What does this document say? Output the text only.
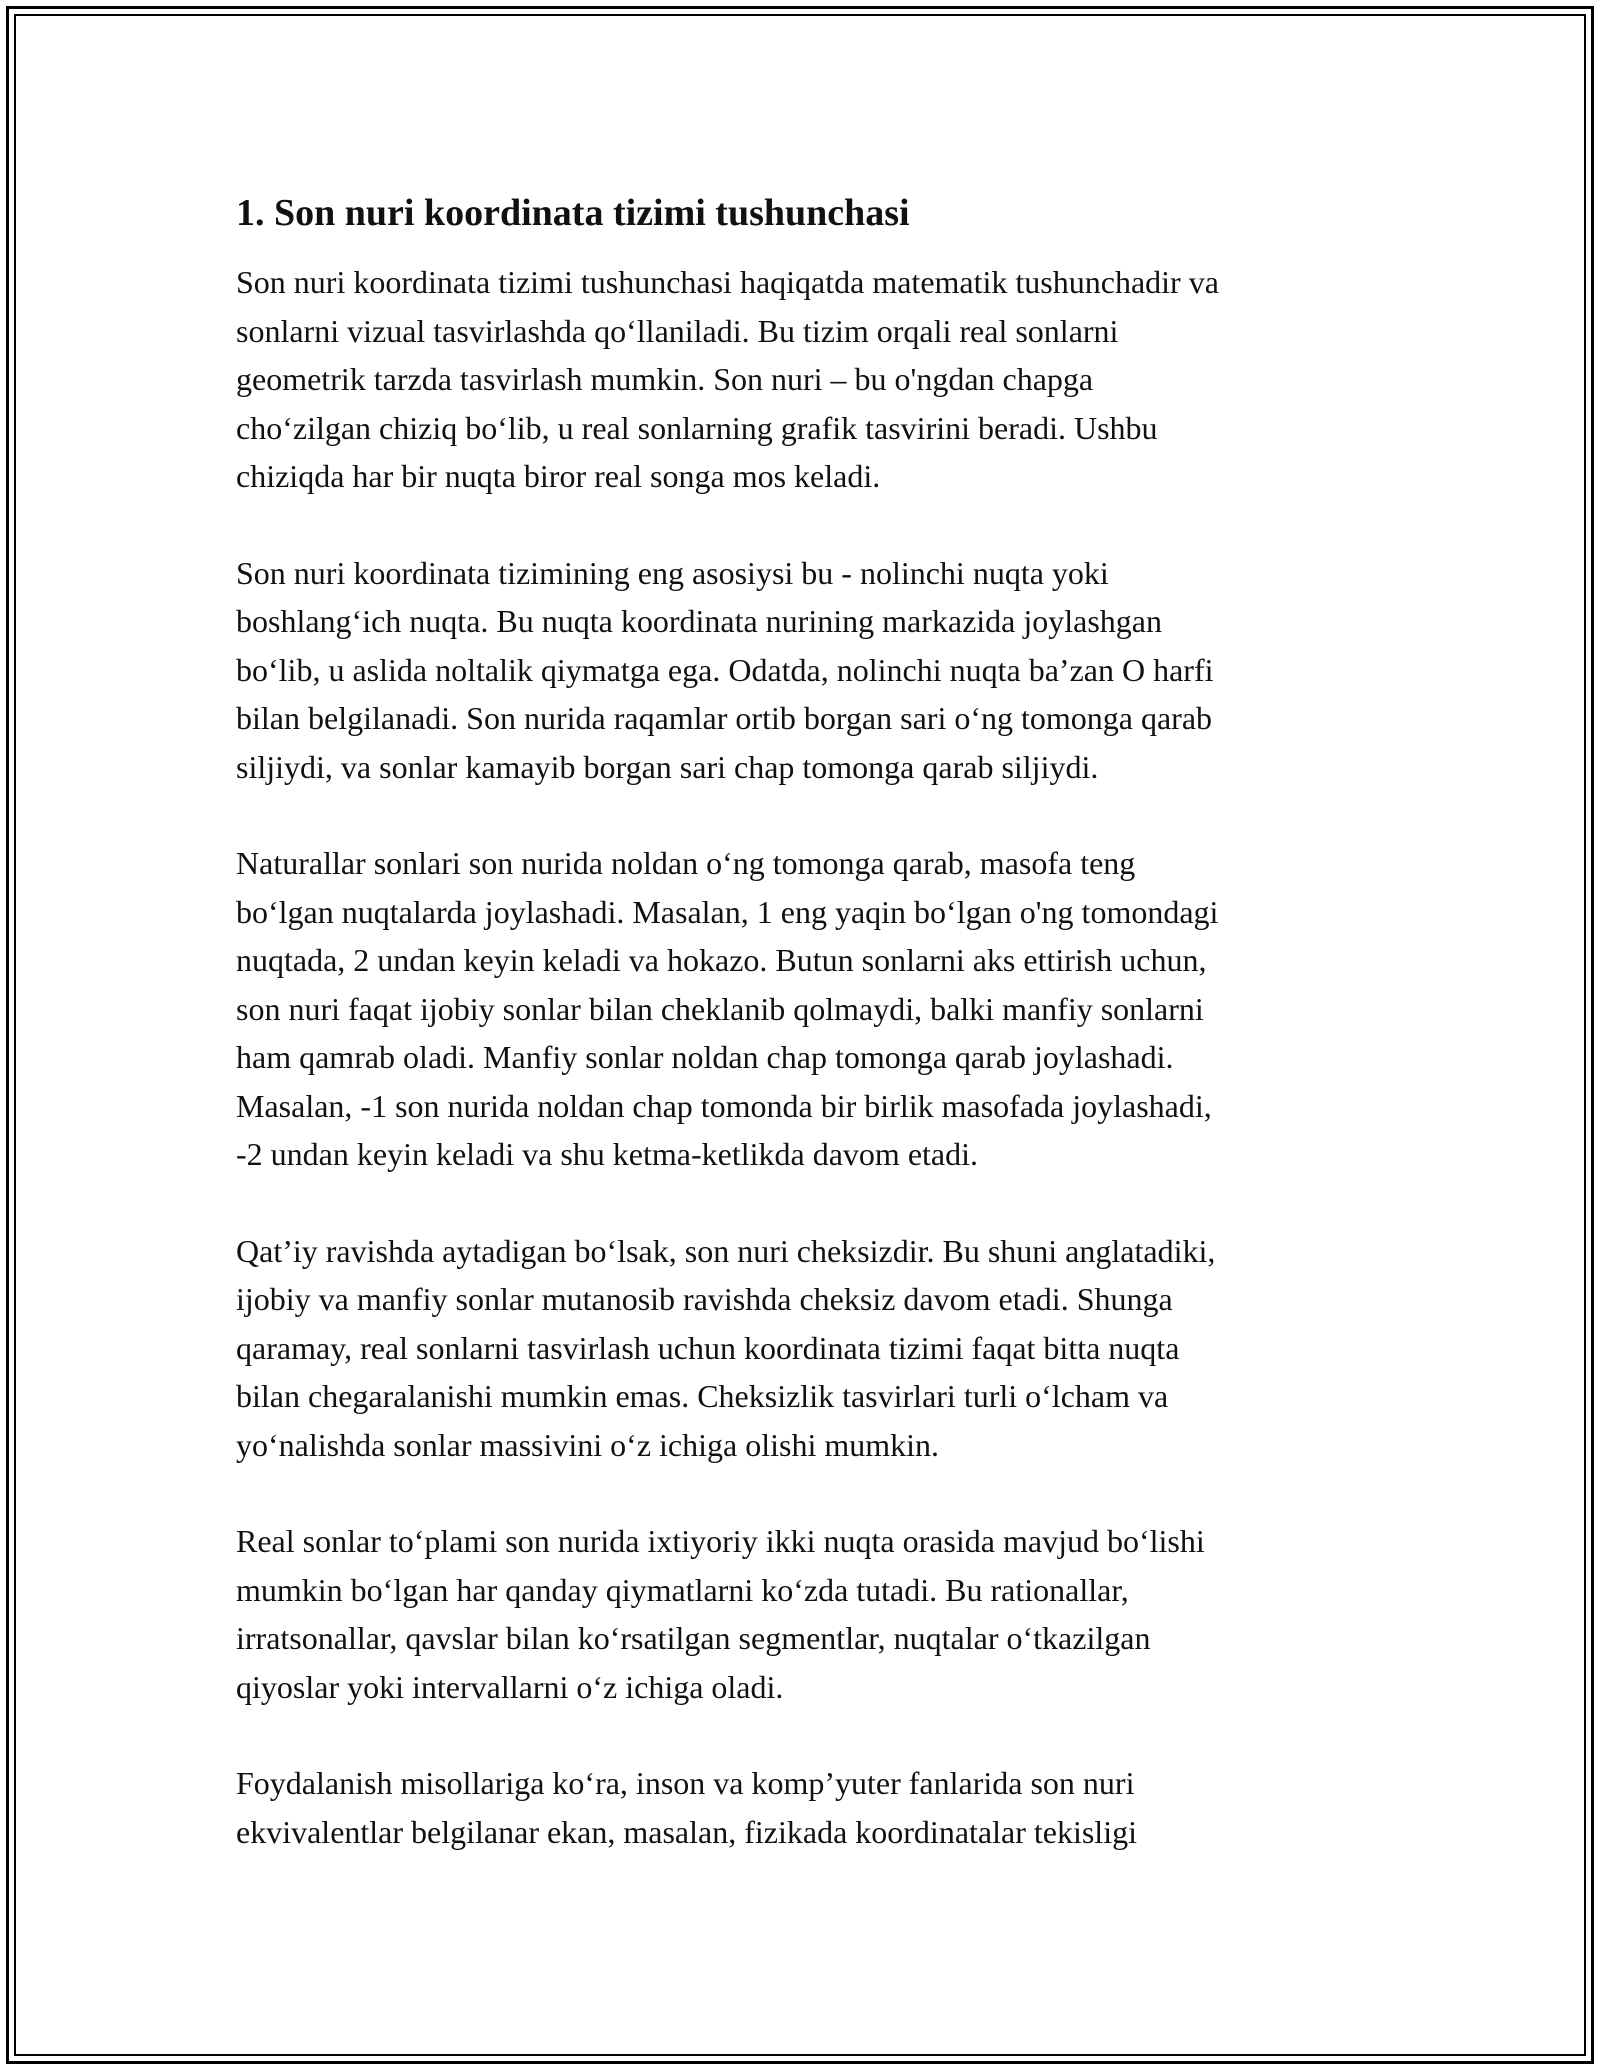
1. Son nuri koordinata tizimi tushunchasi

Son nuri koordinata tizimi tushunchasi haqiqatda matematik tushunchadir va
sonlarni vizual tasvirlashda qo‘llaniladi. Bu tizim orqali real sonlarni
geometrik tarzda tasvirlash mumkin. Son nuri – bu o'ngdan chapga
cho‘zilgan chiziq bo‘lib, u real sonlarning grafik tasvirini beradi. Ushbu
chiziqda har bir nuqta biror real songa mos keladi.

Son nuri koordinata tizimining eng asosiysi bu - nolinchi nuqta yoki
boshlang‘ich nuqta. Bu nuqta koordinata nurining markazida joylashgan
bo‘lib, u aslida noltalik qiymatga ega. Odatda, nolinchi nuqta ba’zan O harfi
bilan belgilanadi. Son nurida raqamlar ortib borgan sari o‘ng tomonga qarab
siljiydi, va sonlar kamayib borgan sari chap tomonga qarab siljiydi.

Naturallar sonlari son nurida noldan o‘ng tomonga qarab, masofa teng
bo‘lgan nuqtalarda joylashadi. Masalan, 1 eng yaqin bo‘lgan o'ng tomondagi
nuqtada, 2 undan keyin keladi va hokazo. Butun sonlarni aks ettirish uchun,
son nuri faqat ijobiy sonlar bilan cheklanib qolmaydi, balki manfiy sonlarni
ham qamrab oladi. Manfiy sonlar noldan chap tomonga qarab joylashadi.
Masalan, -1 son nurida noldan chap tomonda bir birlik masofada joylashadi,
-2 undan keyin keladi va shu ketma-ketlikda davom etadi.

Qat’iy ravishda aytadigan bo‘lsak, son nuri cheksizdir. Bu shuni anglatadiki,
ijobiy va manfiy sonlar mutanosib ravishda cheksiz davom etadi. Shunga
qaramay, real sonlarni tasvirlash uchun koordinata tizimi faqat bitta nuqta
bilan chegaralanishi mumkin emas. Cheksizlik tasvirlari turli o‘lcham va
yo‘nalishda sonlar massivini o‘z ichiga olishi mumkin.

Real sonlar to‘plami son nurida ixtiyoriy ikki nuqta orasida mavjud bo‘lishi
mumkin bo‘lgan har qanday qiymatlarni ko‘zda tutadi. Bu rationallar,
irratsonallar, qavslar bilan ko‘rsatilgan segmentlar, nuqtalar o‘tkazilgan
qiyoslar yoki intervallarni o‘z ichiga oladi.

Foydalanish misollariga ko‘ra, inson va komp’yuter fanlarida son nuri
ekvivalentlar belgilanar ekan, masalan, fizikada koordinatalar tekisligi
